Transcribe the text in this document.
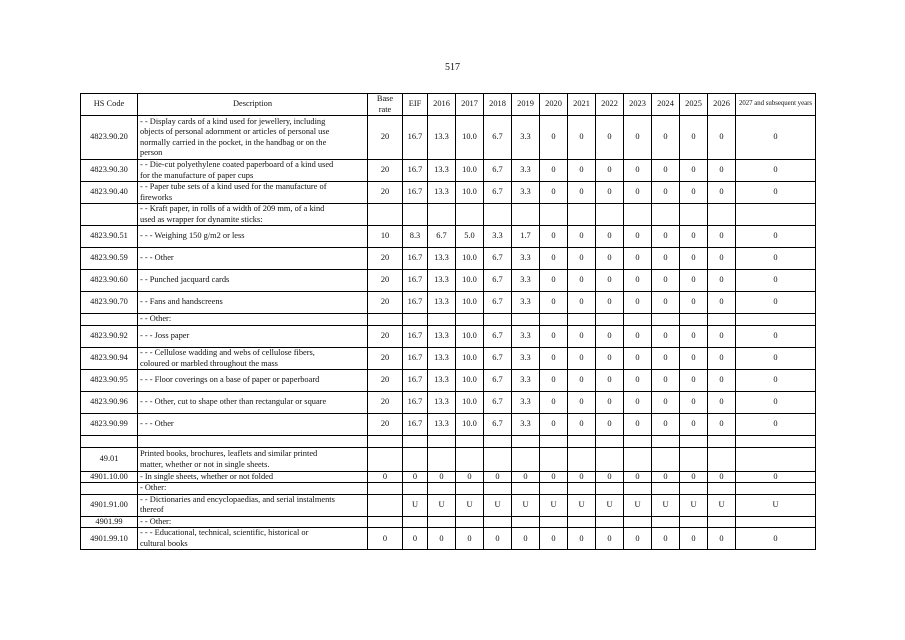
517
HS Code	Description	Base rate	EIF	2016	2017	2018	2019	2020	2021	2022	2023	2024	2025	2026	2027 and subsequent years
4823.90.20	- - Display cards of a kind used for jewellery, including
objects of personal adornment or articles of personal use
normally carried in the pocket, in the handbag or on the
person	20	16.7	13.3	10.0	6.7	3.3	0	0	0	0	0	0	0	0
4823.90.30	- - Die-cut polyethylene coated paperboard of a kind used
for the manufacture of paper cups	20	16.7	13.3	10.0	6.7	3.3	0	0	0	0	0	0	0	0
4823.90.40	- - Paper tube sets of a kind used for the manufacture of
fireworks	20	16.7	13.3	10.0	6.7	3.3	0	0	0	0	0	0	0	0

	- - Kraft paper, in rolls of a width of 209 mm, of a kind
used as wrapper for dynamite sticks:														

4823.90.51	- - - Weighing 150 g/m2 or less	10	8.3	6.7	5.0	3.3	1.7	0	0	0	0	0	0	0	0
4823.90.59	- - - Other	20	16.7	13.3	10.0	6.7	3.3	0	0	0	0	0	0	0	0
4823.90.60	- - Punched jacquard cards	20	16.7	13.3	10.0	6.7	3.3	0	0	0	0	0	0	0	0
4823.90.70	- - Fans and handscreens	20	16.7	13.3	10.0	6.7	3.3	0	0	0	0	0	0	0	0

	- - Other:														

4823.90.92	- - - Joss paper	20	16.7	13.3	10.0	6.7	3.3	0	0	0	0	0	0	0	0
4823.90.94	- - - Cellulose wadding and webs of cellulose fibers,
coloured or marbled throughout the mass	20	16.7	13.3	10.0	6.7	3.3	0	0	0	0	0	0	0	0
4823.90.95	- - - Floor coverings on a base of paper or paperboard	20	16.7	13.3	10.0	6.7	3.3	0	0	0	0	0	0	0	0
4823.90.96	- - - Other, cut to shape other than rectangular or square	20	16.7	13.3	10.0	6.7	3.3	0	0	0	0	0	0	0	0
4823.90.99	- - - Other	20	16.7	13.3	10.0	6.7	3.3	0	0	0	0	0	0	0	0

49.01	Printed books, brochures, leaflets and similar printed
matter, whether or not in single sheets.														

4901.10.00	- In single sheets, whether or not folded	0	0	0	0	0	0	0	0	0	0	0	0	0	0

	- Other:														

4901.91.00	- - Dictionaries and encyclopaedias, and serial instalments
thereof		U	U	U	U	U	U	U	U	U	U	U	U	U
4901.99	- - Other:														

4901.99.10	- - - Educational, technical, scientific, historical or
cultural books	0	0	0	0	0	0	0	0	0	0	0	0	0	0
